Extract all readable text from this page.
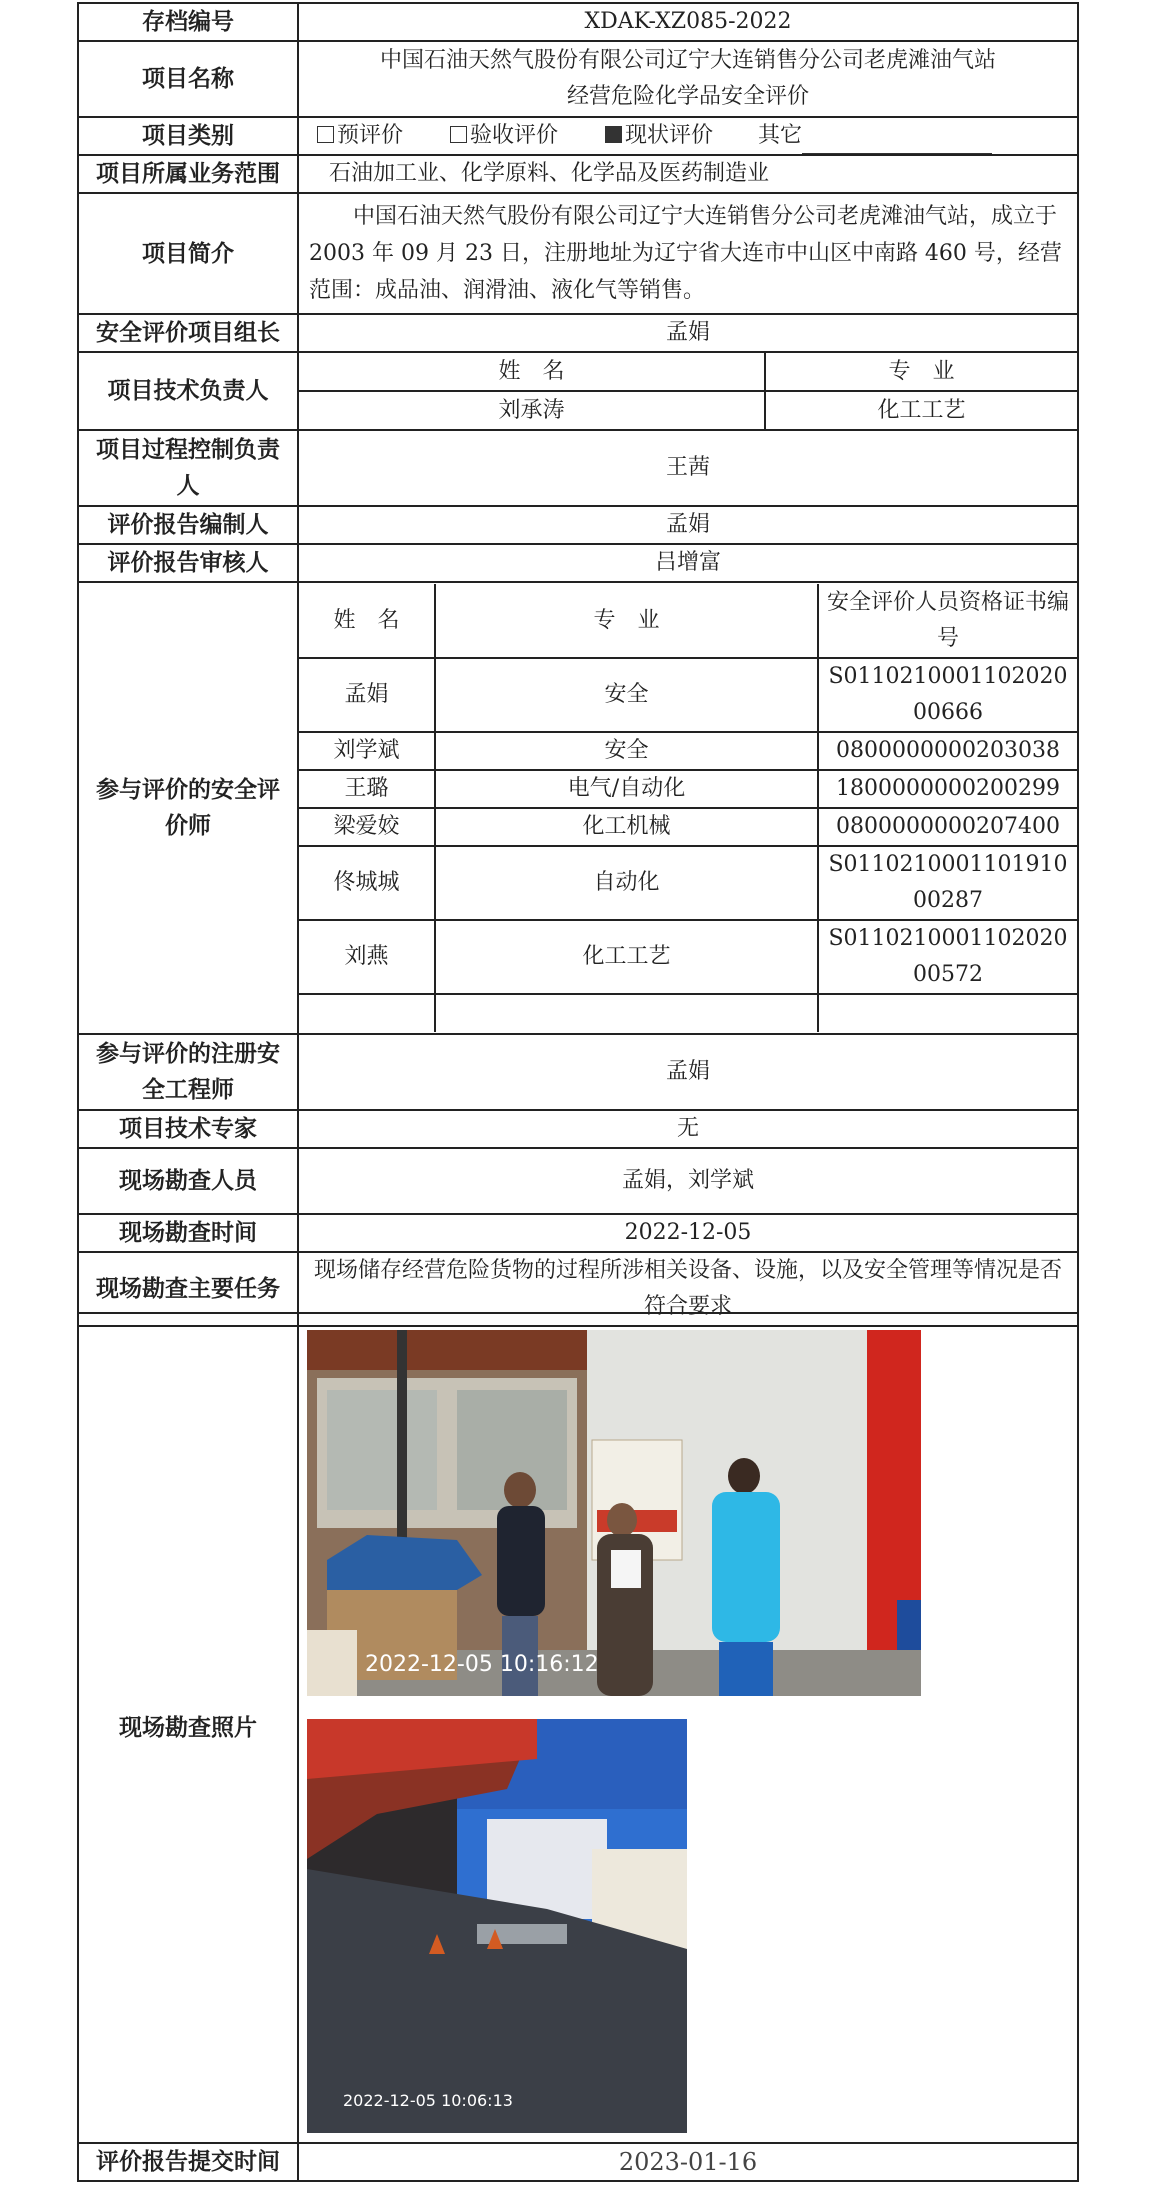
存档编号	XDAK-XZ085-2022
项目名称	
中国石油天然气股份有限公司辽宁大连销售分公司老虎滩油气站
经营危险化学品安全评价

项目类别	预评价	验收评价	现状评价 其它
项目所属业务范围	石油加工业、化学原料、化学品及医药制造业
项目简介	中国石油天然气股份有限公司辽宁大连销售分公司老虎滩油气站，成立于 2003 年 09 月 23 日，注册地址为辽宁省大连市中山区中南路 460 号，经营范围：成品油、润滑油、液化气等销售。
安全评价项目组长	孟娟
项目技术负责人	
姓　名	专　业
刘承涛	化工工艺

项目过程控制负责人	王茜
评价报告编制人	孟娟
评价报告审核人	吕增富
参与评价的安全评价师	
姓　名	专　业	安全评价人员资格证书编号
孟娟	安全	S011021000110202000666
刘学斌	安全	0800000000203038
王璐	电气/自动化	1800000000200299
梁爱姣	化工机械	0800000000207400
佟城城	自动化	S011021000110191000287
刘燕	化工工艺	S011021000110202000572

参与评价的注册安全工程师	孟娟
项目技术专家	无
现场勘查人员	孟娟，刘学斌
现场勘查时间	2022-12-05
现场勘查主要任务	现场储存经营危险货物的过程所涉相关设备、设施，以及安全管理等情况是否符合要求
现场勘查照片	
评价报告提交时间	2023-01-16
2022-12-05 10:16:12
2022-12-05 10:06:13
